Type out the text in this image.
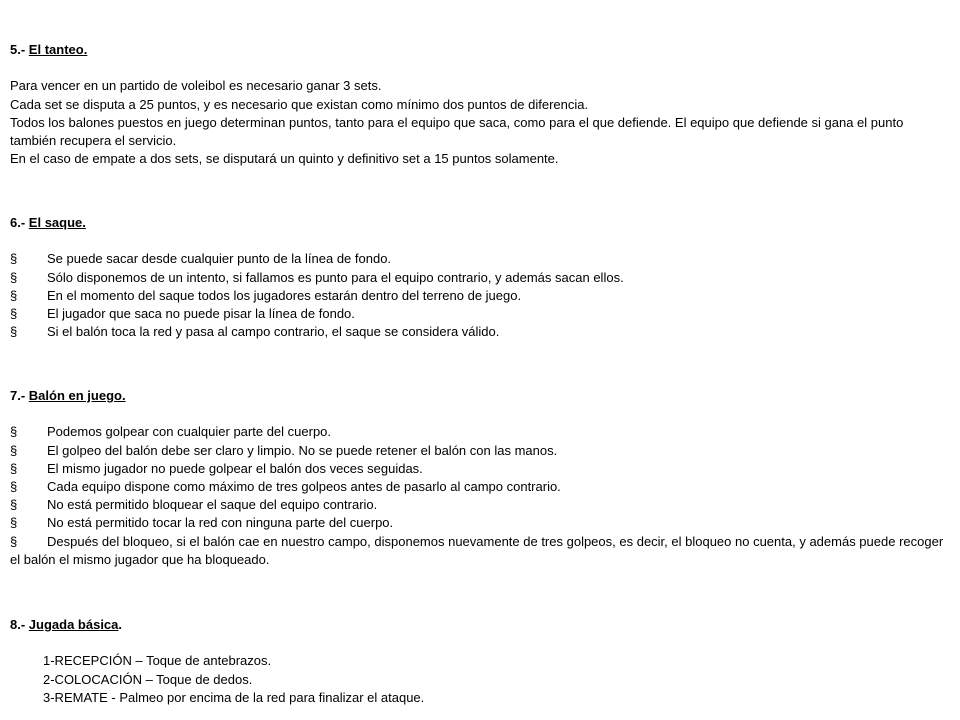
5.- El tanteo.

Para vencer en un partido de voleibol es necesario ganar 3 sets.

Cada set se disputa a 25 puntos, y es necesario que existan como mínimo dos puntos de diferencia.

Todos los balones puestos en juego determinan puntos, tanto para el equipo que saca, como para el que defiende. El equipo que defiende si gana el punto también recupera el servicio.

En el caso de empate a dos sets, se disputará un quinto y definitivo set a 15 puntos solamente.

6.- El saque.
§	Se puede sacar desde cualquier punto de la línea de fondo.
§	Sólo disponemos de un intento, si fallamos es punto para el equipo contrario, y además sacan ellos.
§	En el momento del saque todos los jugadores estarán dentro del terreno de juego.
§	El jugador que saca no puede pisar la línea de fondo.
§	Si el balón toca la red y pasa al campo contrario, el saque se considera válido.
7.- Balón en juego.
§	Podemos golpear con cualquier parte del cuerpo.
§	El golpeo del balón debe ser claro y limpio. No se puede retener el balón con las manos.
§	El mismo jugador no puede golpear el balón dos veces seguidas.
§	Cada equipo dispone como máximo de tres golpeos antes de pasarlo al campo contrario.
§	No está permitido bloquear el saque del equipo contrario.
§	No está permitido tocar la red con ninguna parte del cuerpo.
§ Después del bloqueo, si el balón cae en nuestro campo, disponemos nuevamente de tres golpeos, es decir, el bloqueo no cuenta, y además puede recoger el balón el mismo jugador que ha bloqueado.
8.- Jugada básica.
1-RECEPCIÓN – Toque de antebrazos.
2-COLOCACIÓN – Toque de dedos.
3-REMATE - Palmeo por encima de la red para finalizar el ataque.
